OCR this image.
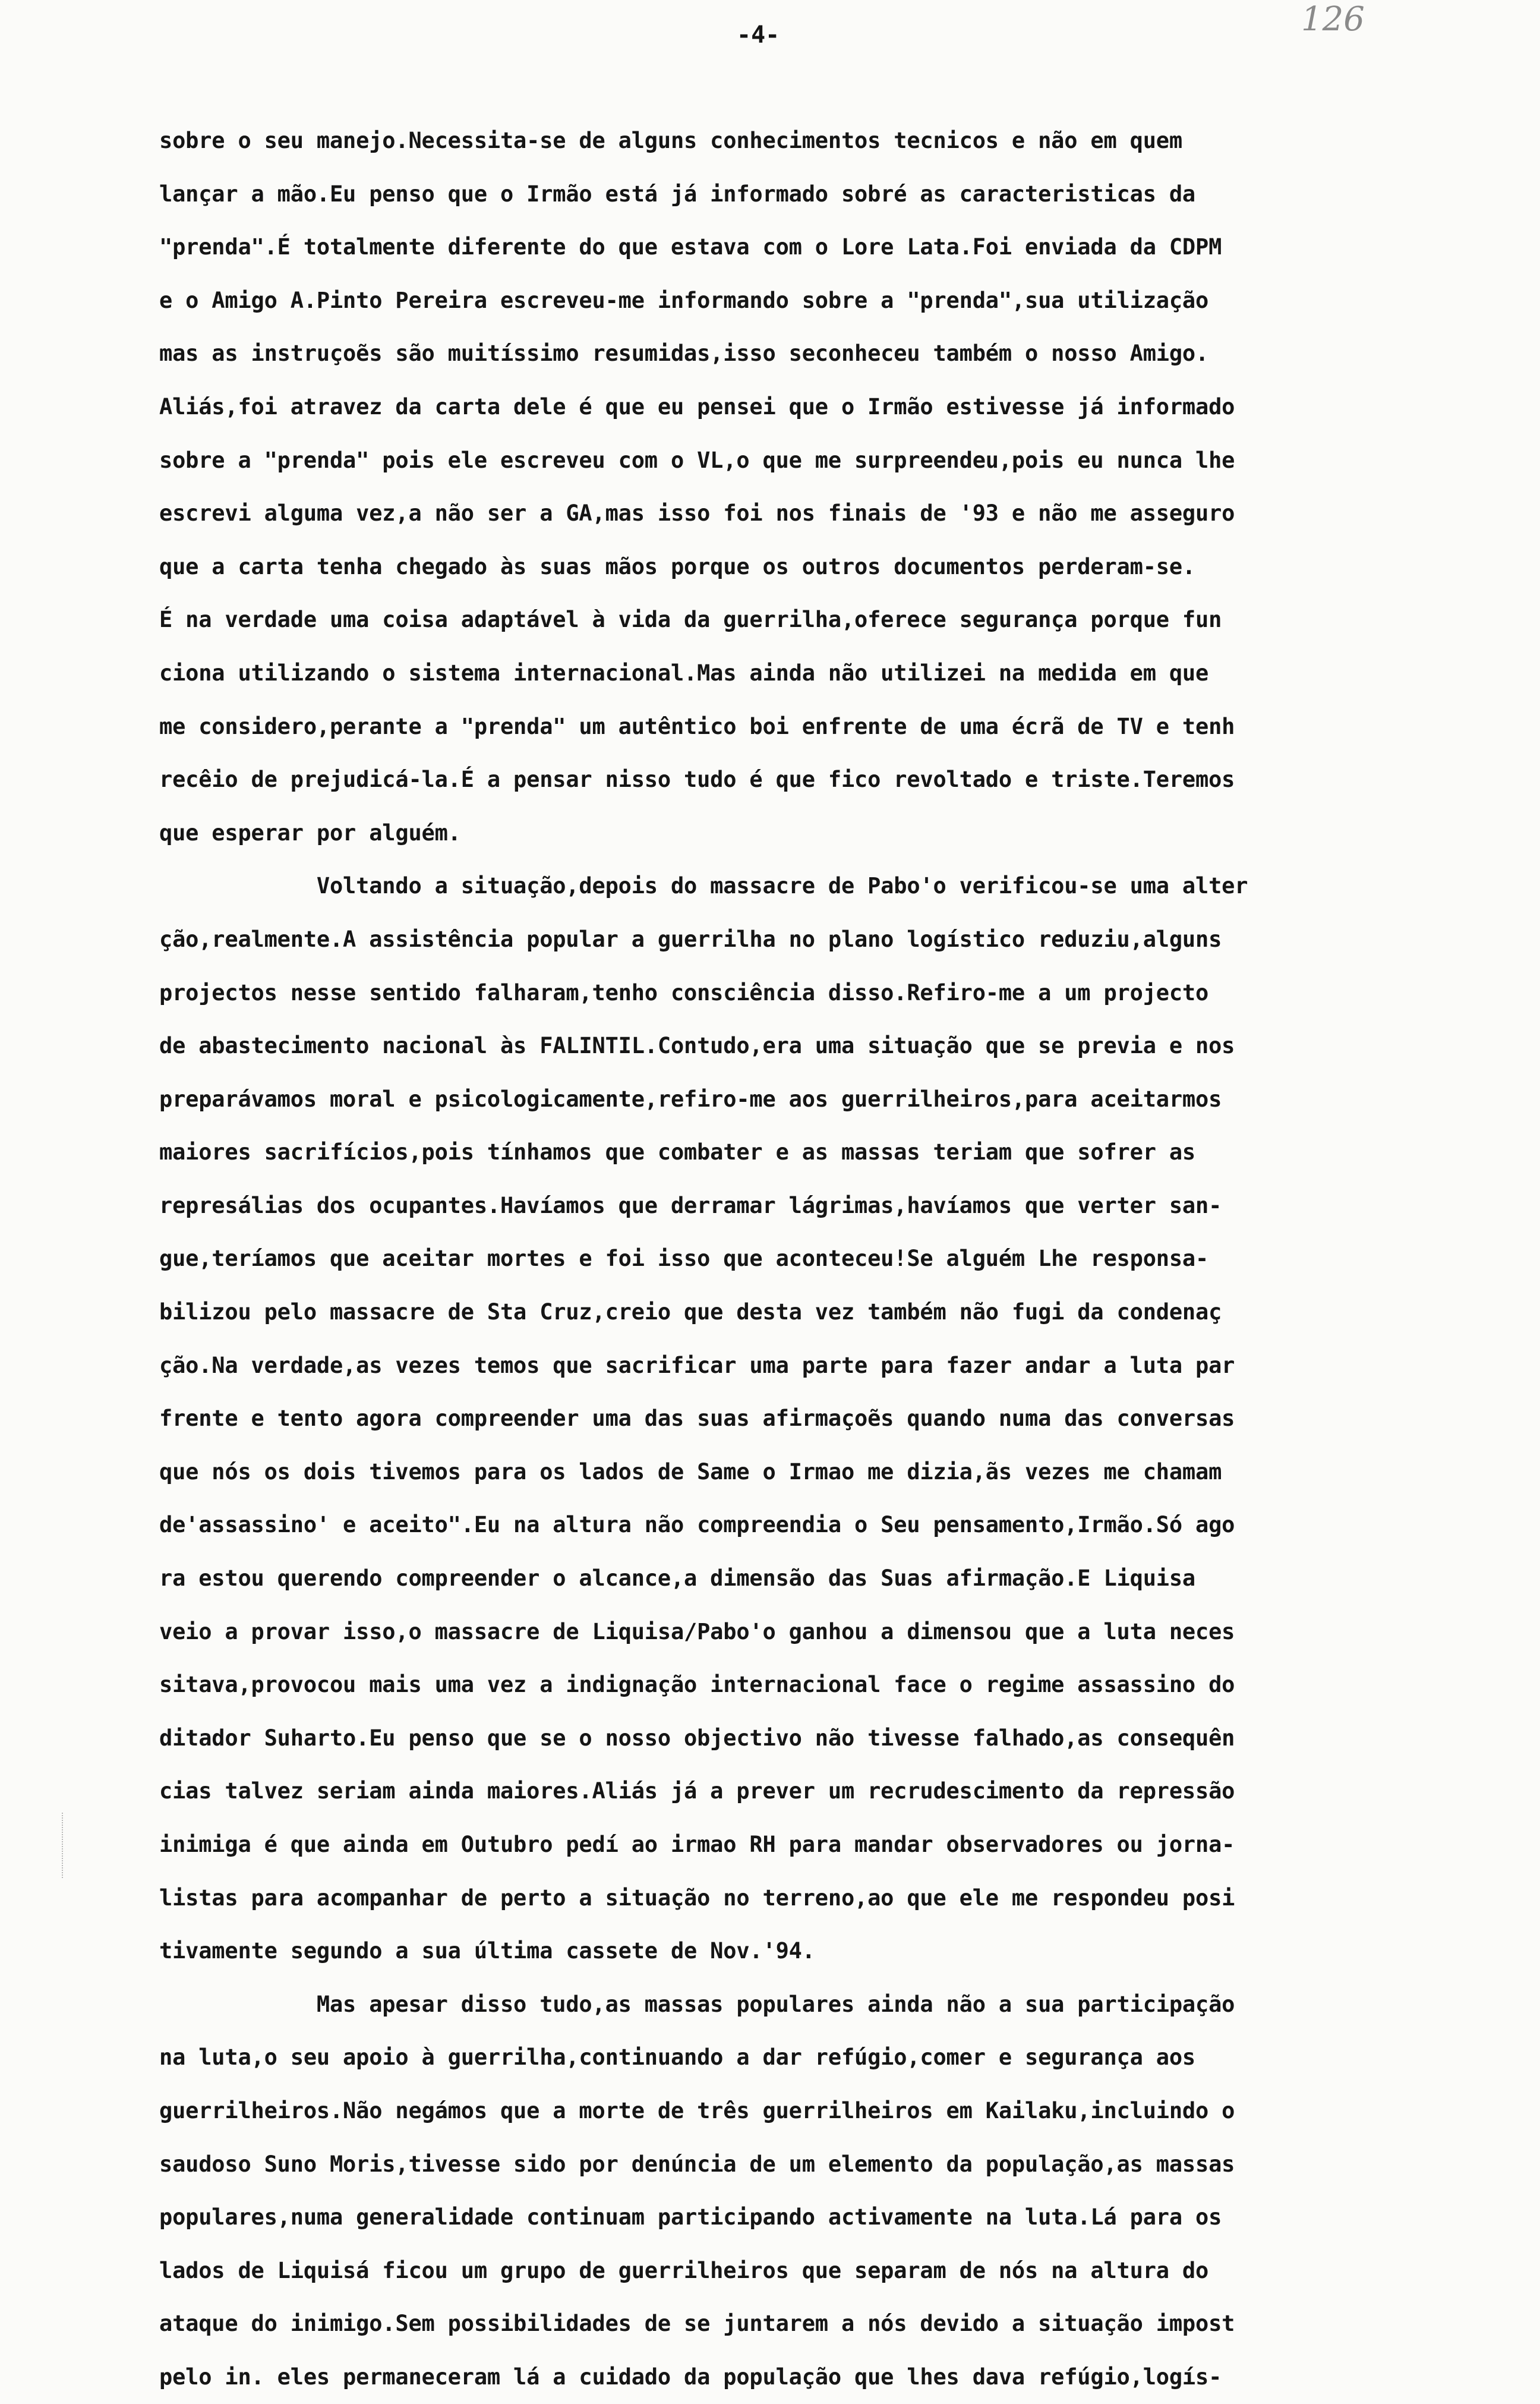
-4-	126
sobre o seu manejo.Necessita-se de alguns conhecimentos tecnicos e não em quem
lançar a mão.Eu penso que o Irmão está já informado sobré as caracteristicas da
"prenda".É totalmente diferente do que estava com o Lore Lata.Foi enviada da CDPM
e o Amigo A.Pinto Pereira escreveu-me informando sobre a "prenda",sua utilização
mas as instruçoẽs são muitíssimo resumidas,isso seconheceu também o nosso Amigo.
Aliás,foi atravez da carta dele é que eu pensei que o Irmão estivesse já informado
sobre a "prenda" pois ele escreveu com o VL,o que me surpreendeu,pois eu nunca lhe
escrevi alguma vez,a não ser a GA,mas isso foi nos finais de '93 e não me asseguro
que a carta tenha chegado às suas mãos porque os outros documentos perderam-se.
É na verdade uma coisa adaptável à vida da guerrilha,oferece segurança porque fun
ciona utilizando o sistema internacional.Mas ainda não utilizei na medida em que
me considero,perante a "prenda" um autêntico boi enfrente de uma écrã de TV e tenh
recêio de prejudicá-la.É a pensar nisso tudo é que fico revoltado e triste.Teremos
que esperar por alguém.
Voltando a situação,depois do massacre de Pabo'o verificou-se uma alter
ção,realmente.A assistência popular a guerrilha no plano logístico reduziu,alguns
projectos nesse sentido falharam,tenho consciência disso.Refiro-me a um projecto
de abastecimento nacional às FALINTIL.Contudo,era uma situação que se previa e nos
preparávamos moral e psicologicamente,refiro-me aos guerrilheiros,para aceitarmos
maiores sacrifícios,pois tínhamos que combater e as massas teriam que sofrer as
represálias dos ocupantes.Havíamos que derramar lágrimas,havíamos que verter san-
gue,teríamos que aceitar mortes e foi isso que aconteceu!Se alguém Lhe responsa-
bilizou pelo massacre de Sta Cruz,creio que desta vez também não fugi da condenaç
ção.Na verdade,as vezes temos que sacrificar uma parte para fazer andar a luta par
frente e tento agora compreender uma das suas afirmaçoẽs quando numa das conversas
que nós os dois tivemos para os lados de Same o Irmao me dizia,ãs vezes me chamam
de'assassino' e aceito".Eu na altura não compreendia o Seu pensamento,Irmão.Só ago
ra estou querendo compreender o alcance,a dimensão das Suas afirmação.E Liquisa
veio a provar isso,o massacre de Liquisa/Pabo'o ganhou a dimensou que a luta neces
sitava,provocou mais uma vez a indignação internacional face o regime assassino do
ditador Suharto.Eu penso que se o nosso objectivo não tivesse falhado,as consequên
cias talvez seriam ainda maiores.Aliás já a prever um recrudescimento da repressão
inimiga é que ainda em Outubro pedí ao irmao RH para mandar observadores ou jorna-
listas para acompanhar de perto a situação no terreno,ao que ele me respondeu posi
tivamente segundo a sua última cassete de Nov.'94.
Mas apesar disso tudo,as massas populares ainda não a sua participação
na luta,o seu apoio à guerrilha,continuando a dar refúgio,comer e segurança aos
guerrilheiros.Não negámos que a morte de três guerrilheiros em Kailaku,incluindo o
saudoso Suno Moris,tivesse sido por denúncia de um elemento da população,as massas
populares,numa generalidade continuam participando activamente na luta.Lá para os
lados de Liquisá ficou um grupo de guerrilheiros que separam de nós na altura do
ataque do inimigo.Sem possibilidades de se juntarem a nós devido a situação impost
pelo in. eles permaneceram lá a cuidado da população que lhes dava refúgio,logís-
